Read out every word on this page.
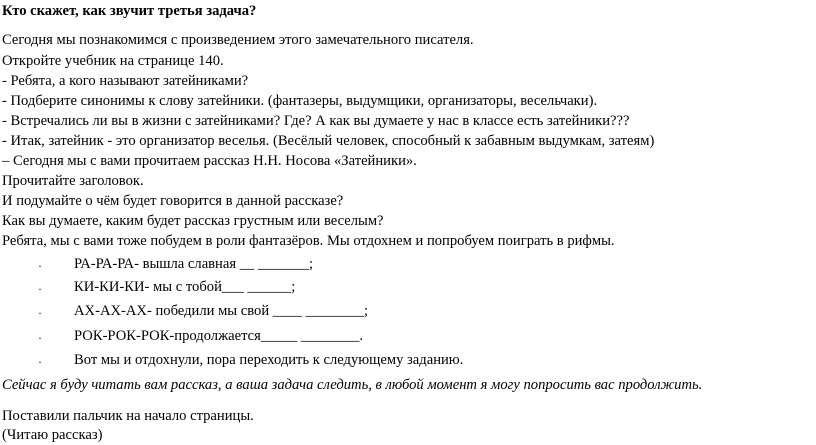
Кто скажет, как звучит третья задача?
Сегодня мы познакомимся с произведением этого замечательного писателя.
Откройте учебник на странице 140.
- Ребята, а кого называют затейниками?
- Подберите синонимы к слову затейники. (фантазеры, выдумщики, организаторы, весельчаки).
- Встречались ли вы в жизни с затейниками? Где? А как вы думаете у нас в классе есть затейники???
- Итак, затейник - это организатор веселья. (Весёлый человек, способный к забавным выдумкам, затеям)
– Сегодня мы с вами прочитаем рассказ Н.Н. Носова «Затейники».
Прочитайте заголовок.
И подумайте о чём будет говорится в данной рассказе?
Как вы думаете, каким будет рассказ грустным или веселым?
Ребята, мы с вами тоже побудем в роли фантазёров. Мы отдохнем и попробуем поиграть в рифмы.
· РА-РА-РА- вышла славная __ _______;
· КИ-КИ-КИ- мы с тобой___ ______;
· АХ-АХ-АХ- победили мы свой ____ ________;
· РОК-РОК-РОК-продолжается_____ ________.
· Вот мы и отдохнули, пора переходить к следующему заданию.
Сейчас я буду читать вам рассказ, а ваша задача следить, в любой момент я могу попросить вас продолжить.
Поставили пальчик на начало страницы.
(Читаю рассказ)
